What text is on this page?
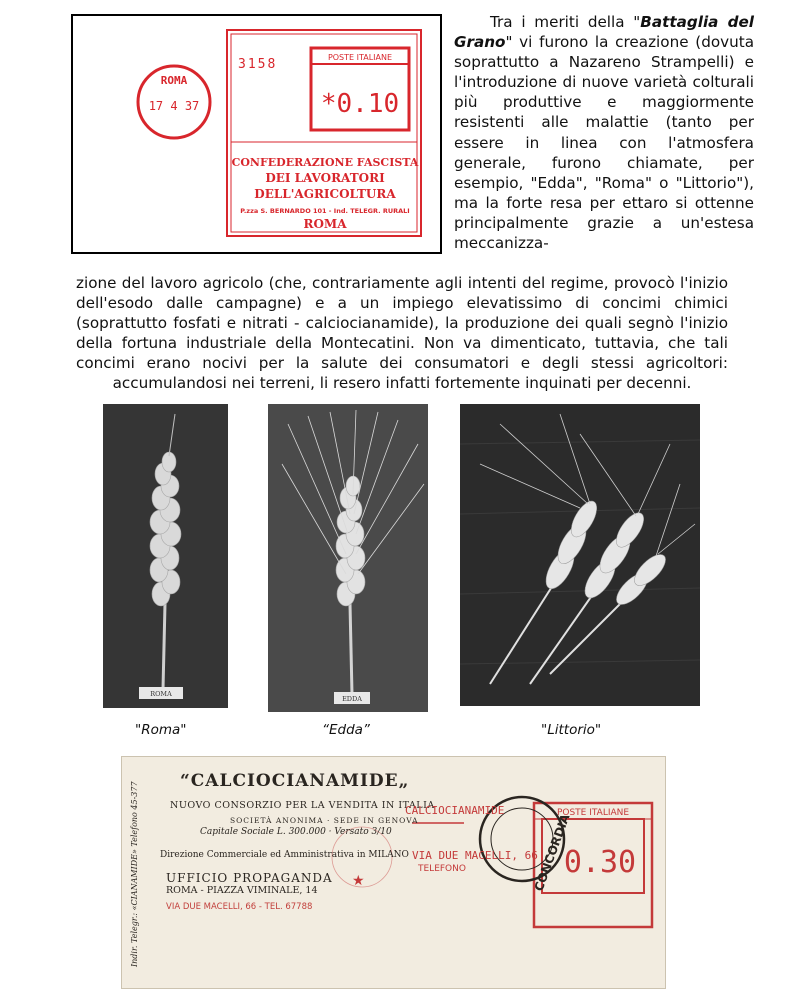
ROMA
17 4 37
3158	POSTE ITALIANE
*0.10
CONFEDERAZIONE FASCISTA
DEI LAVORATORI
DELL'AGRICOLTURA
P.zza S. BERNARDO 101 - Ind. TELEGR. RURALI
ROMA
Tra i meriti della "Battaglia del Grano" vi furono la creazione (dovuta soprattutto a Nazareno Strampelli) e l'introduzione di nuove varietà colturali più produttive e maggiormente resistenti alle malattie (tanto per essere in linea con l'atmosfera generale, furono chiamate, per esempio, "Edda", "Roma" o "Littorio"), ma la forte resa per ettaro si ottenne principalmente grazie a un'estesa meccanizza-
zione del lavoro agricolo (che, contrariamente agli intenti del regime, provocò l'inizio dell'esodo dalle campagne) e a un impiego elevatissimo di concimi chimici (soprattutto fosfati e nitrati - calciocianamide), la produzione dei quali segnò l'inizio della fortuna industriale della Montecatini. Non va dimenticato, tuttavia, che tali concimi erano nocivi per la salute dei consumatori e degli stessi agricoltori: accumulandosi nei terreni, li resero infatti fortemente inquinati per decenni.
ROMA
EDDA
"Roma"	“Edda”	"Littorio"
POSTE ITALIANE
0.30
CONCORDIA
★
“CALCIOCIANAMIDE„
NUOVO CONSORZIO PER LA VENDITA IN ITALIA
SOCIETÀ ANONIMA · SEDE IN GENOVA
Capitale Sociale L. 300.000 · Versato 3/10
Direzione Commerciale ed Amministrativa in MILANO
UFFICIO PROPAGANDA
ROMA - PIAZZA VIMINALE, 14
VIA DUE MACELLI, 66 - TEL. 67788
Indir. Telegr.: «CIANAMIDE» Telefono 45-377	CALCIOCIANAMIDE
VIA DUE MACELLI, 66
TELEFONO
